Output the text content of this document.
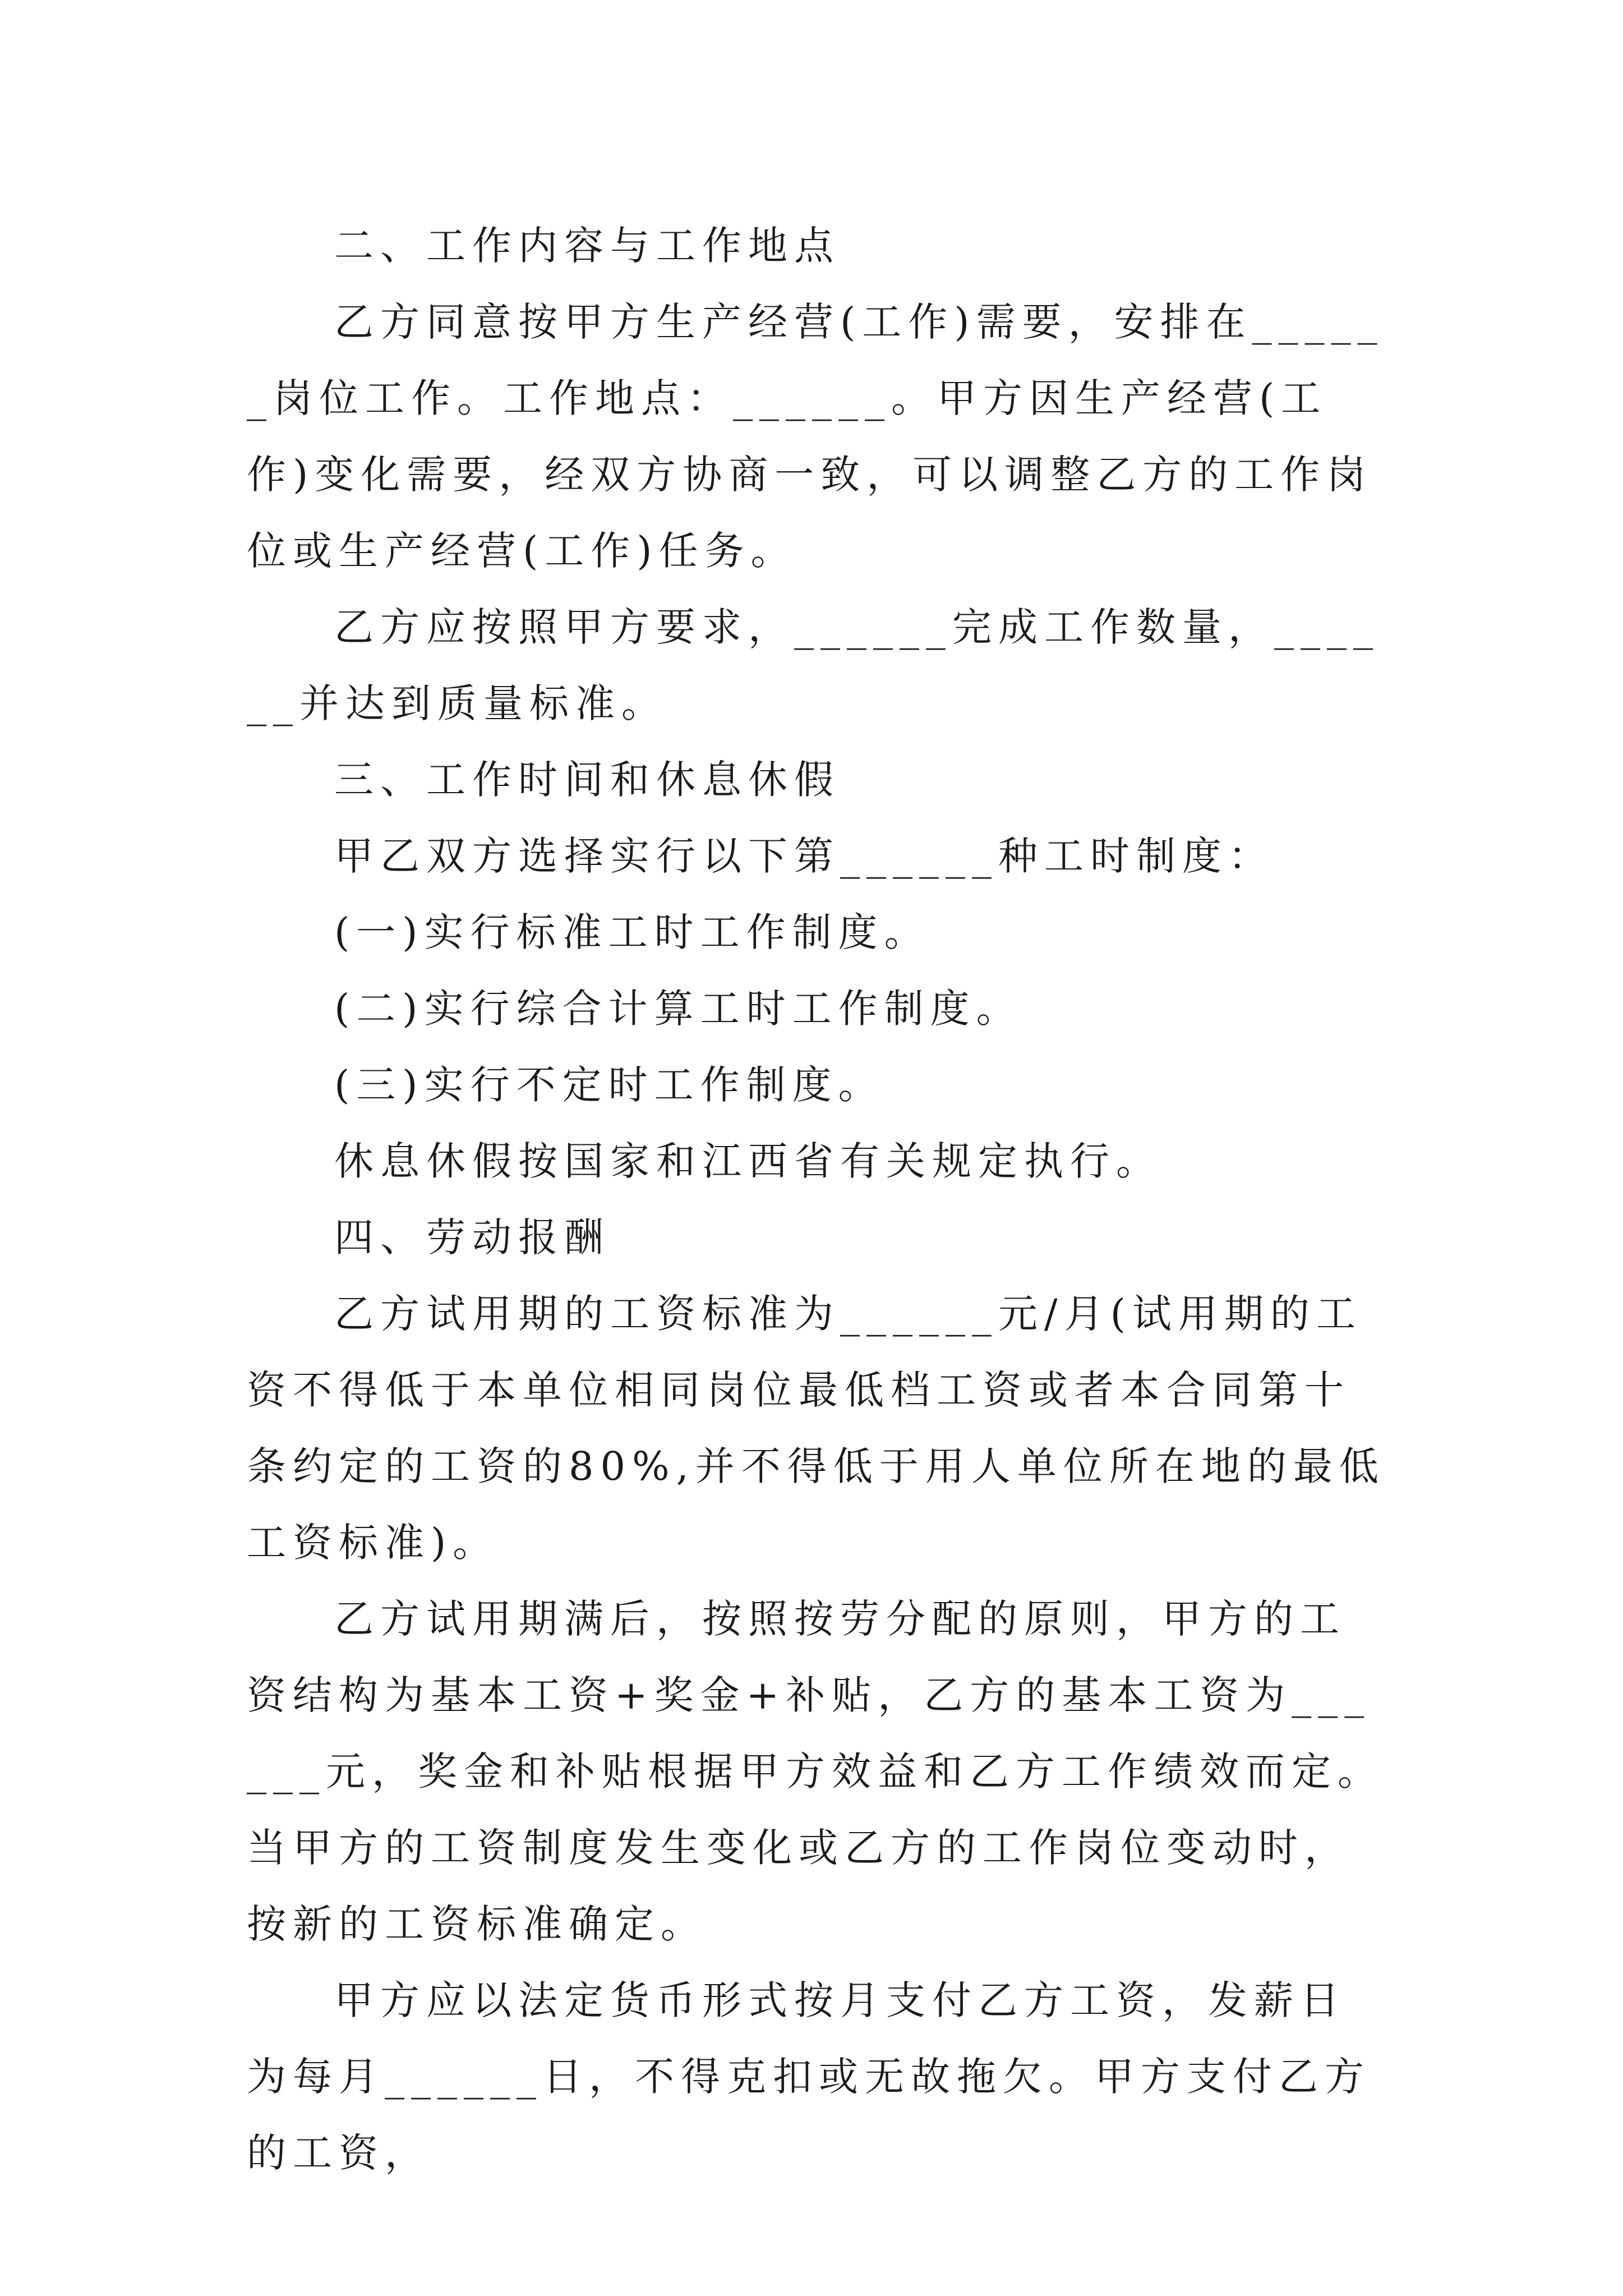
二、工作内容与工作地点

乙方同意按甲方生产经营(工作)需要，安排在______岗位工作。工作地点：______。甲方因生产经营(工作)变化需要，经双方协商一致，可以调整乙方的工作岗位或生产经营(工作)任务。

乙方应按照甲方要求，______完成工作数量，______并达到质量标准。

三、工作时间和休息休假

甲乙双方选择实行以下第______种工时制度：

(一)实行标准工时工作制度。

(二)实行综合计算工时工作制度。

(三)实行不定时工作制度。

休息休假按国家和江西省有关规定执行。

四、劳动报酬

乙方试用期的工资标准为______元/月(试用期的工资不得低于本单位相同岗位最低档工资或者本合同第十条约定的工资的80%,并不得低于用人单位所在地的最低工资标准)。

乙方试用期满后，按照按劳分配的原则，甲方的工资结构为基本工资+奖金+补贴，乙方的基本工资为______元，奖金和补贴根据甲方效益和乙方工作绩效而定。当甲方的工资制度发生变化或乙方的工作岗位变动时，按新的工资标准确定。

甲方应以法定货币形式按月支付乙方工资，发薪日为每月______日，不得克扣或无故拖欠。甲方支付乙方的工资，
